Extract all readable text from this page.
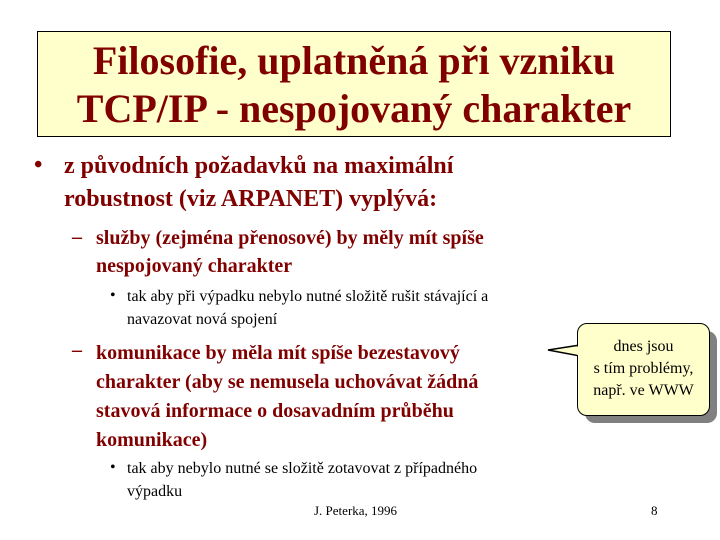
Filosofie, uplatněná při vzniku
TCP/IP - nespojovaný charakter
• z původních požadavků na maximální
robustnost (viz ARPANET) vyplývá:
– služby (zejména přenosové) by měly mít spíše
nespojovaný charakter
• tak aby při výpadku nebylo nutné složitě rušit stávající a
navazovat nová spojení
– komunikace by měla mít spíše bezestavový
charakter (aby se nemusela uchovávat žádná
stavová informace o dosavadním průběhu
komunikace)
• tak aby nebylo nutné se složitě zotavovat z případného
výpadku
dnes jsou
s tím problémy,
např. ve WWW
J. Peterka, 1996	8
